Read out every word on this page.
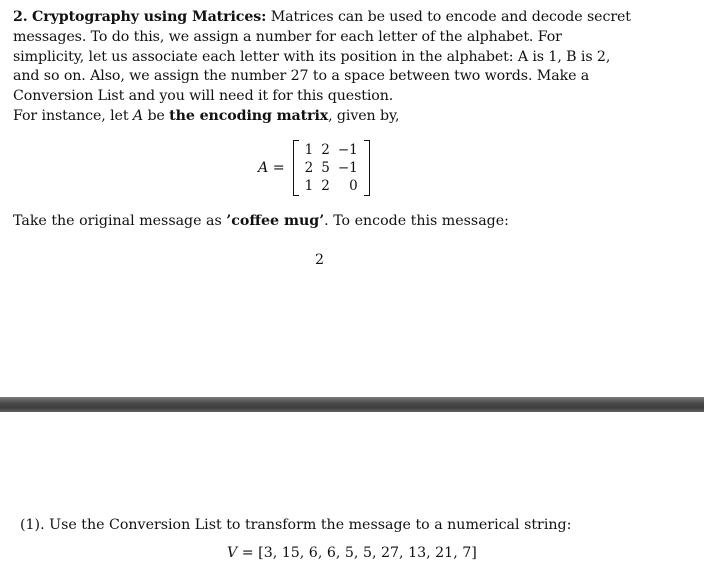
2. Cryptography using Matrices: Matrices can be used to encode and decode secret messages. To do this, we assign a number for each letter of the alphabet. For simplicity, let us associate each letter with its position in the alphabet: A is 1, B is 2, and so on. Also, we assign the number 27 to a space between two words. Make a Conversion List and you will need it for this question.

For instance, let A be the encoding matrix, given by,

A =
1	2	−1
2	5	−1
1	2	0
Take the original message as ’coffee mug’. To encode this message:
2
(1). Use the Conversion List to transform the message to a numerical string:
V = [3, 15, 6, 6, 5, 5, 27, 13, 21, 7]
